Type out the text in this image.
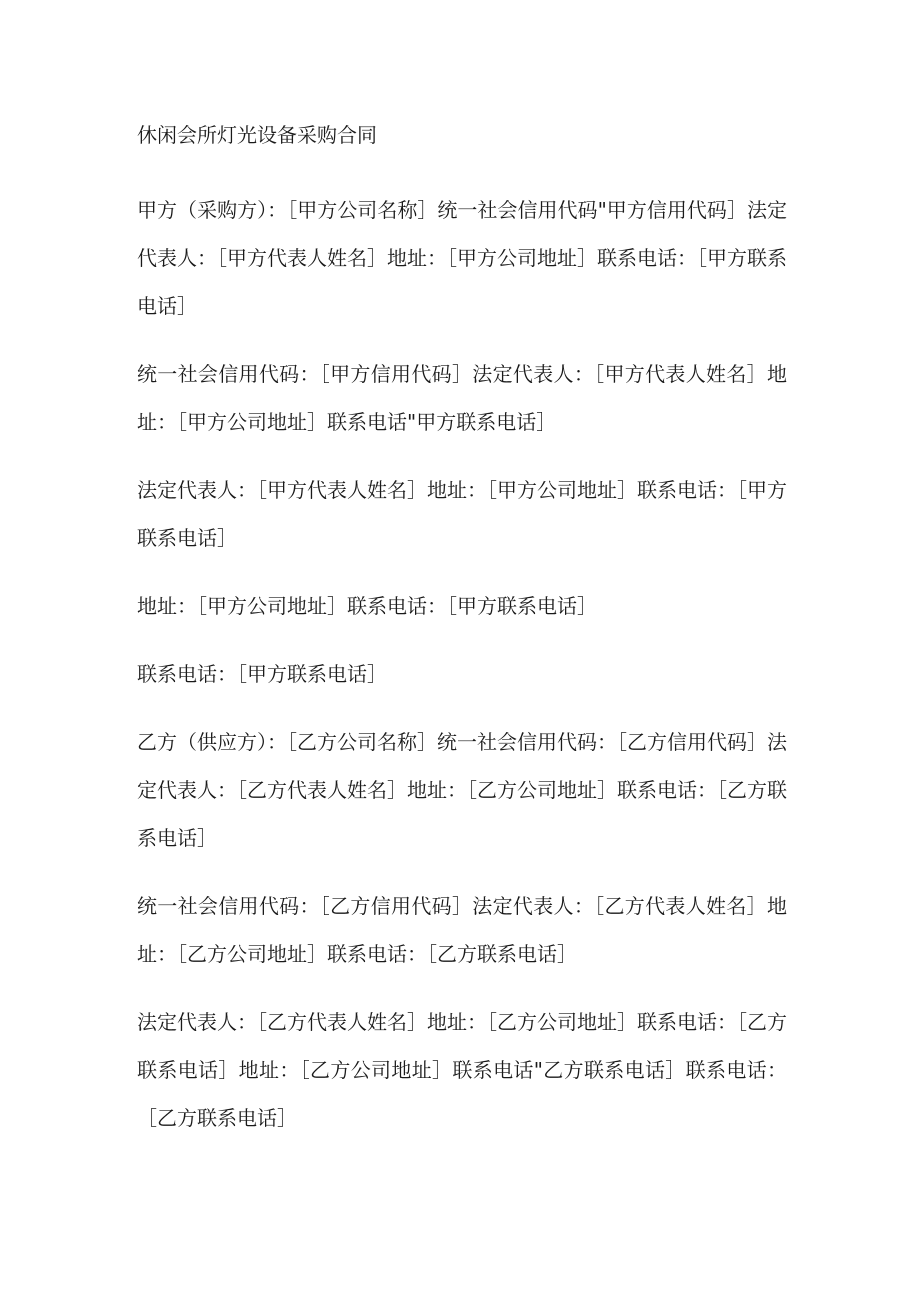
休闲会所灯光设备采购合同

甲方（采购方）：［甲方公司名称］统一社会信用代码"甲方信用代码］法定代表人：［甲方代表人姓名］地址：［甲方公司地址］联系电话：［甲方联系电话］

统一社会信用代码：［甲方信用代码］法定代表人：［甲方代表人姓名］地址：［甲方公司地址］联系电话"甲方联系电话］

法定代表人：［甲方代表人姓名］地址：［甲方公司地址］联系电话：［甲方联系电话］

地址：［甲方公司地址］联系电话：［甲方联系电话］

联系电话：［甲方联系电话］

乙方（供应方）：［乙方公司名称］统一社会信用代码：［乙方信用代码］法定代表人：［乙方代表人姓名］地址：［乙方公司地址］联系电话：［乙方联系电话］

统一社会信用代码：［乙方信用代码］法定代表人：［乙方代表人姓名］地址：［乙方公司地址］联系电话：［乙方联系电话］

法定代表人：［乙方代表人姓名］地址：［乙方公司地址］联系电话：［乙方联系电话］地址：［乙方公司地址］联系电话"乙方联系电话］联系电话：［乙方联系电话］
